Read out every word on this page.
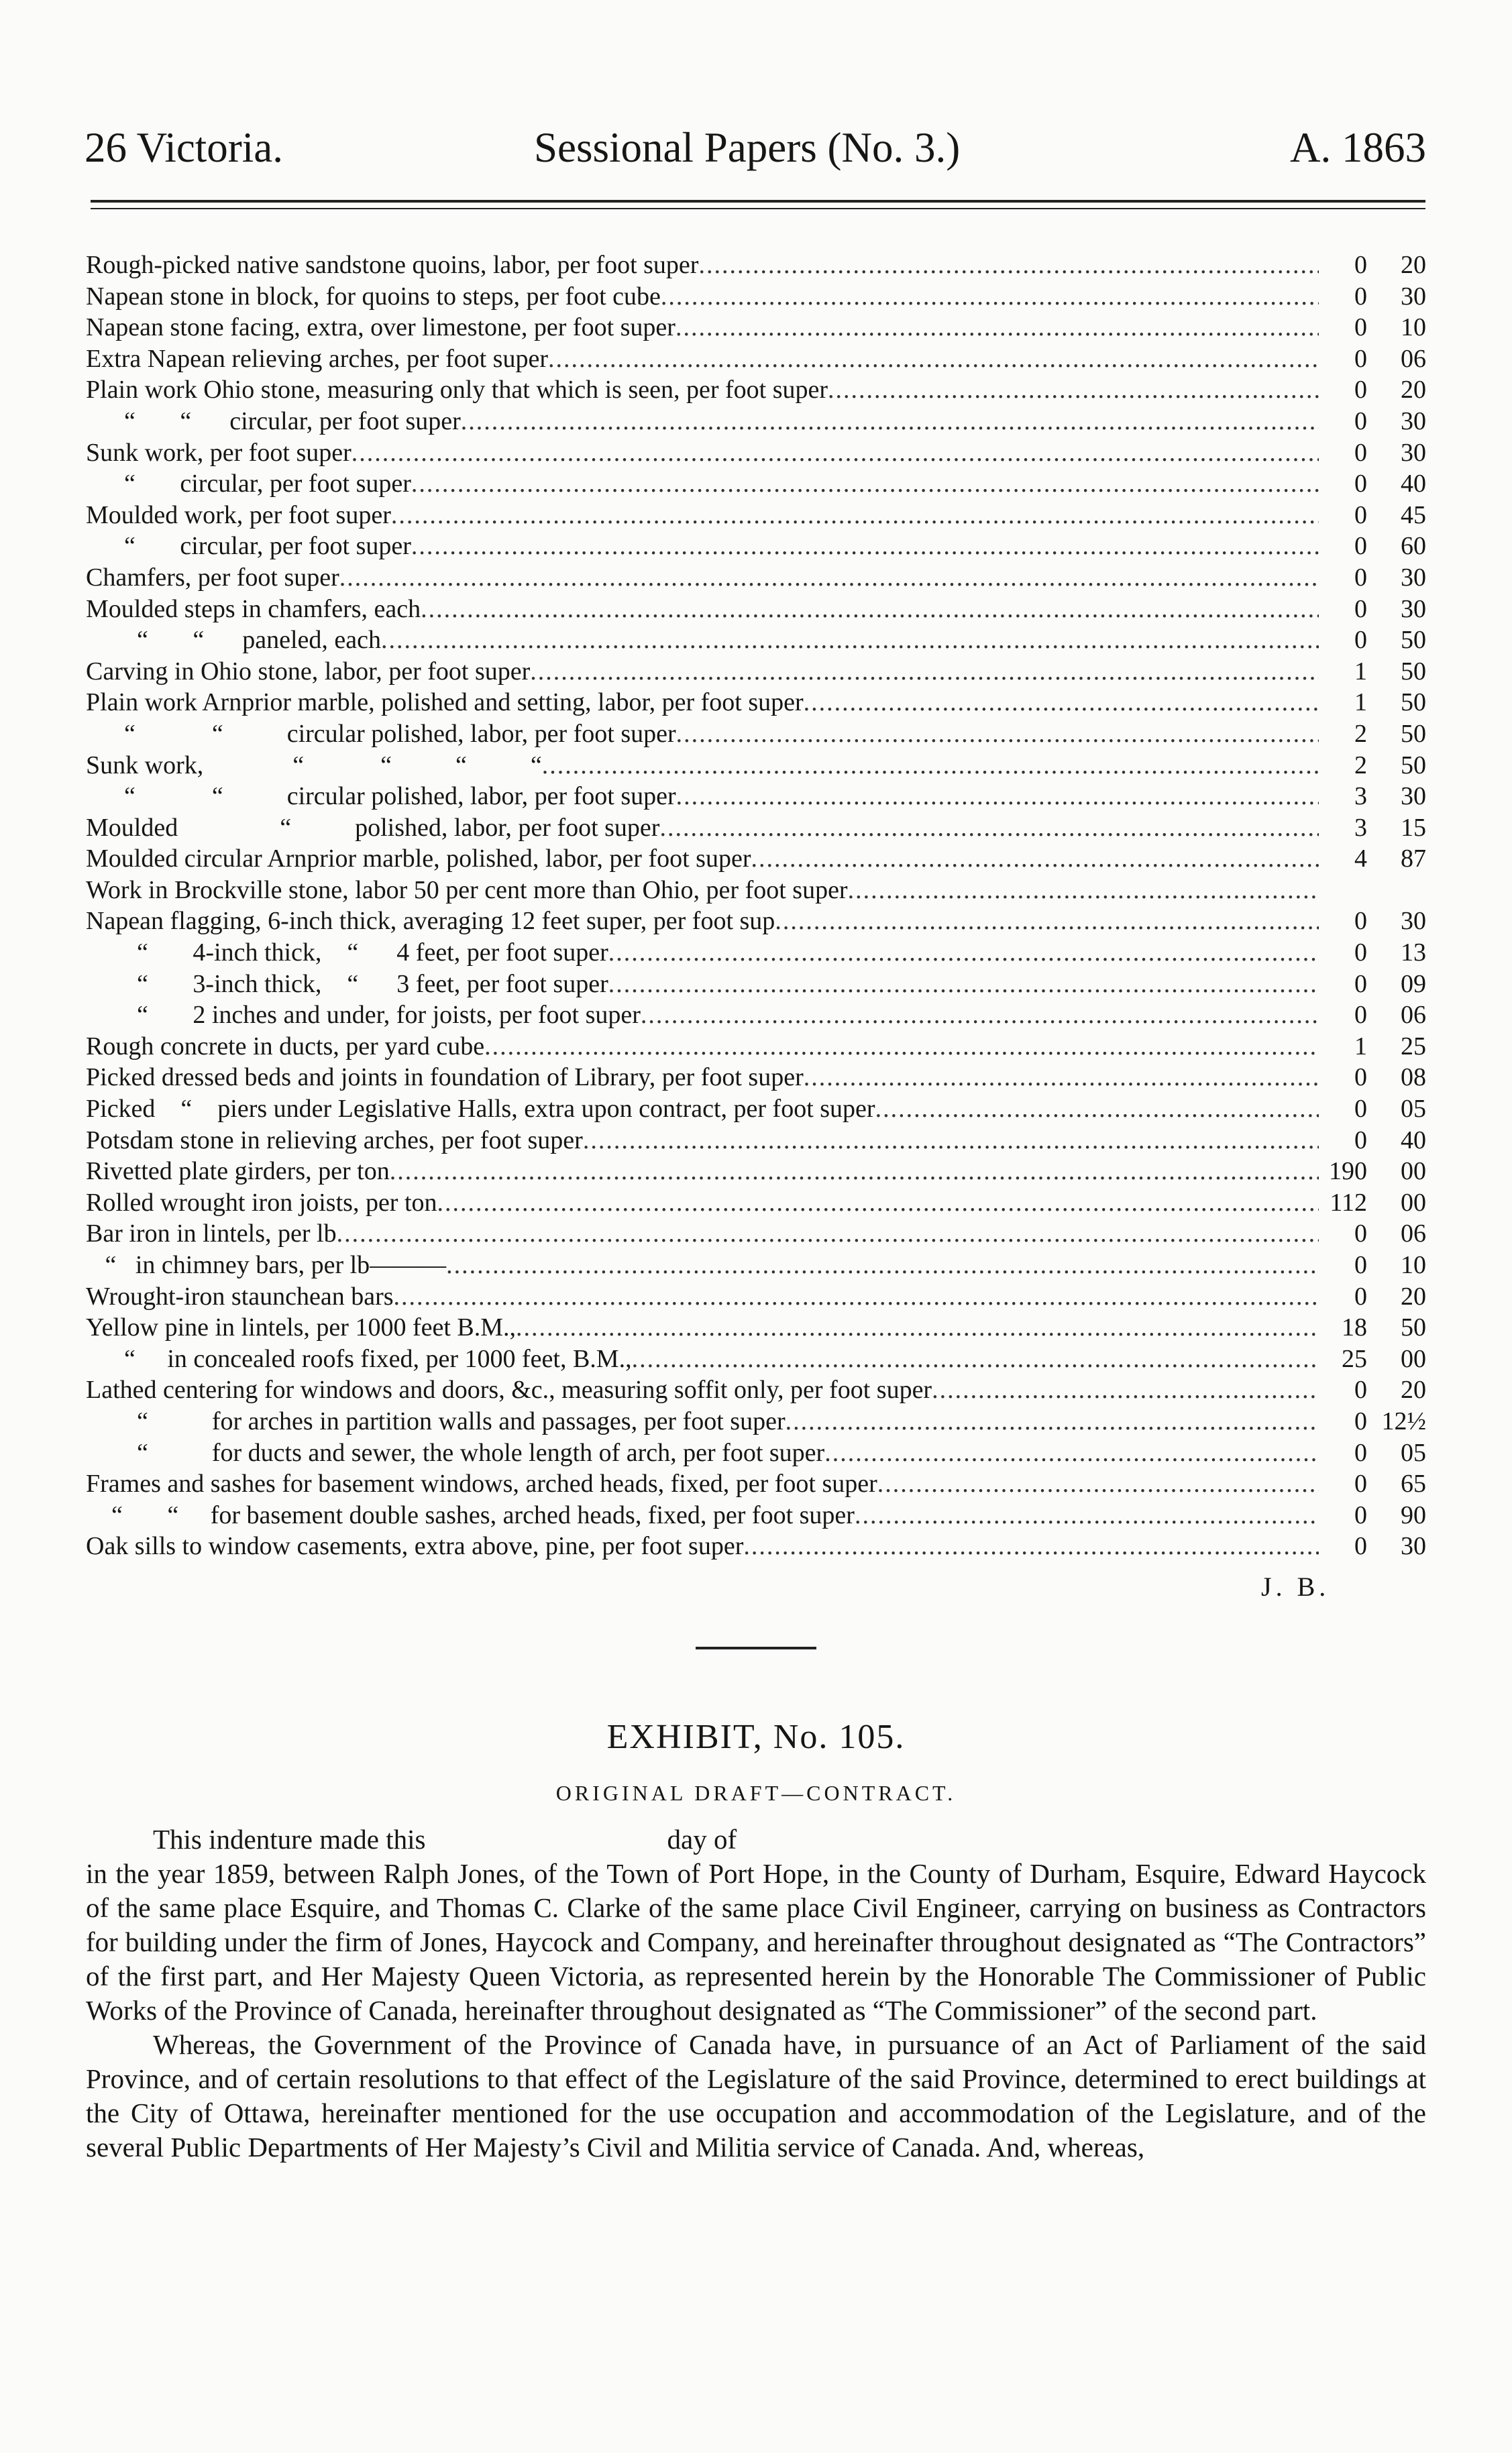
26 Victoria.	Sessional Papers (No. 3.)	A. 1863
Rough-picked native sandstone quoins, labor, per foot super .....	0	20
Napean stone in block, for quoins to steps, per foot cube .....	0	30
Napean stone facing, extra, over limestone, per foot super .....	0	10
Extra Napean relieving arches, per foot super .....	0	06
Plain work Ohio stone, measuring only that which is seen, per foot super .....	0	20
“       “      circular, per foot super .....	0	30
Sunk work, per foot super .....	0	30
“       circular, per foot super .....	0	40
Moulded work, per foot super .....	0	45
“       circular, per foot super .....	0	60
Chamfers, per foot super .....	0	30
Moulded steps in chamfers, each .....	0	30
“       “      paneled, each .....	0	50
Carving in Ohio stone, labor, per foot super .....	1	50
Plain work Arnprior marble, polished and setting, labor, per foot super .....	1	50
“            “          circular polished, labor, per foot super .....	2	50
Sunk work,              “            “          “          “ .....	2	50
“            “          circular polished, labor, per foot super .....	3	30
Moulded                “          polished, labor, per foot super .....	3	15
Moulded circular Arnprior marble, polished, labor, per foot super .....	4	87
Work in Brockville stone, labor 50 per cent more than Ohio, per foot super
.....
Napean flagging, 6-inch thick, averaging 12 feet super, per foot sup .....	0	30
“       4-inch thick,    “      4 feet, per foot super .....	0	13
“       3-inch thick,    “      3 feet, per foot super .....	0	09
“       2 inches and under, for joists, per foot super .....	0	06
Rough concrete in ducts, per yard cube .....	1	25
Picked dressed beds and joints in foundation of Library, per foot super .....	0	08
Picked    “    piers under Legislative Halls, extra upon contract, per foot super .....	0	05
Potsdam stone in relieving arches, per foot super .....	0	40
Rivetted plate girders, per ton .....	190	00
Rolled wrought iron joists, per ton .....	112	00
Bar iron in lintels, per lb .....	0	06
“   in chimney bars, per lb——— .....	0	10
Wrought-iron staunchean bars .....	0	20
Yellow pine in lintels, per 1000 feet B.M., .....	18	50
“     in concealed roofs fixed, per 1000 feet, B.M., .....	25	00
Lathed centering for windows and doors, &c., measuring soffit only, per foot super .....	0	20
“          for arches in partition walls and passages, per foot super .....	0 12½
“          for ducts and sewer, the whole length of arch, per foot super .....	0	05
Frames and sashes for basement windows, arched heads, fixed, per foot super .....	0	65
“       “     for basement double sashes, arched heads, fixed, per foot super .....	0	90
Oak sills to window casements, extra above, pine, per foot super .....	0	30
J. B.
EXHIBIT, No. 105.
ORIGINAL DRAFT—CONTRACT.

This indenture made this	day of

in the year 1859, between Ralph Jones, of the Town of Port Hope, in the County of Durham, Esquire, Edward Haycock of the same place Esquire, and Thomas C. Clarke of the same place Civil Engineer, carrying on business as Contractors for building under the firm of Jones, Haycock and Company, and hereinafter throughout designated as “The Contractors” of the first part, and Her Majesty Queen Victoria, as represented herein by the Honorable The Commissioner of Public Works of the Province of Canada, hereinafter throughout designated as “The Commissioner” of the second part.

Whereas, the Government of the Province of Canada have, in pursuance of an Act of Parliament of the said Province, and of certain resolutions to that effect of the Legislature of the said Province, determined to erect buildings at the City of Ottawa, hereinafter mentioned for the use occupation and accommodation of the Legislature, and of the several Public Departments of Her Majesty’s Civil and Militia service of Canada. And, whereas,
